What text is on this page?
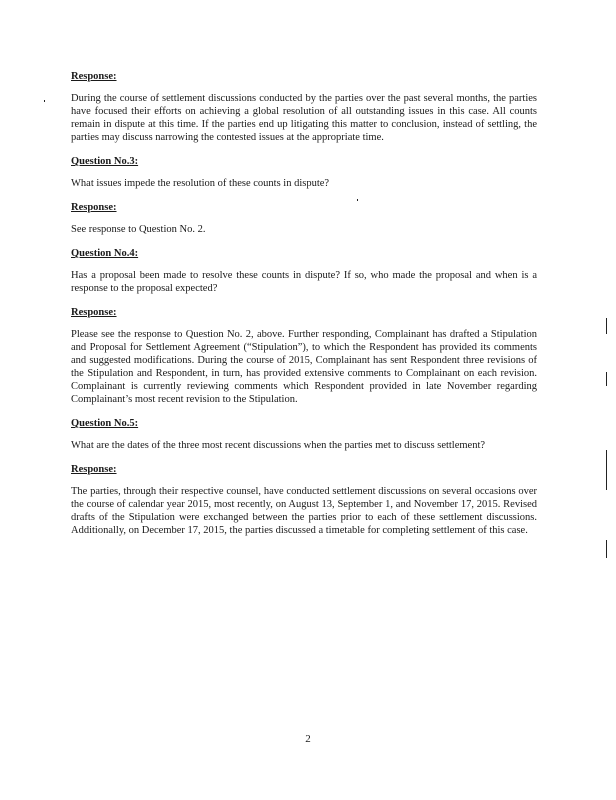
Response:

During the course of settlement discussions conducted by the parties over the past several months, the parties have focused their efforts on achieving a global resolution of all outstanding issues in this case. All counts remain in dispute at this time. If the parties end up litigating this matter to conclusion, instead of settling, the parties may discuss narrowing the contested issues at the appropriate time.

Question No.3:

What issues impede the resolution of these counts in dispute?

Response:

See response to Question No. 2.

Question No.4:

Has a proposal been made to resolve these counts in dispute? If so, who made the proposal and when is a response to the proposal expected?

Response:

Please see the response to Question No. 2, above. Further responding, Complainant has drafted a Stipulation and Proposal for Settlement Agreement (“Stipulation”), to which the Respondent has provided its comments and suggested modifications. During the course of 2015, Complainant has sent Respondent three revisions of the Stipulation and Respondent, in turn, has provided extensive comments to Complainant on each revision. Complainant is currently reviewing comments which Respondent provided in late November regarding Complainant’s most recent revision to the Stipulation.

Question No.5:

What are the dates of the three most recent discussions when the parties met to discuss settlement?

Response:

The parties, through their respective counsel, have conducted settlement discussions on several occasions over the course of calendar year 2015, most recently, on August 13, September 1, and November 17, 2015. Revised drafts of the Stipulation were exchanged between the parties prior to each of these settlement discussions. Additionally, on December 17, 2015, the parties discussed a timetable for completing settlement of this case.

2
